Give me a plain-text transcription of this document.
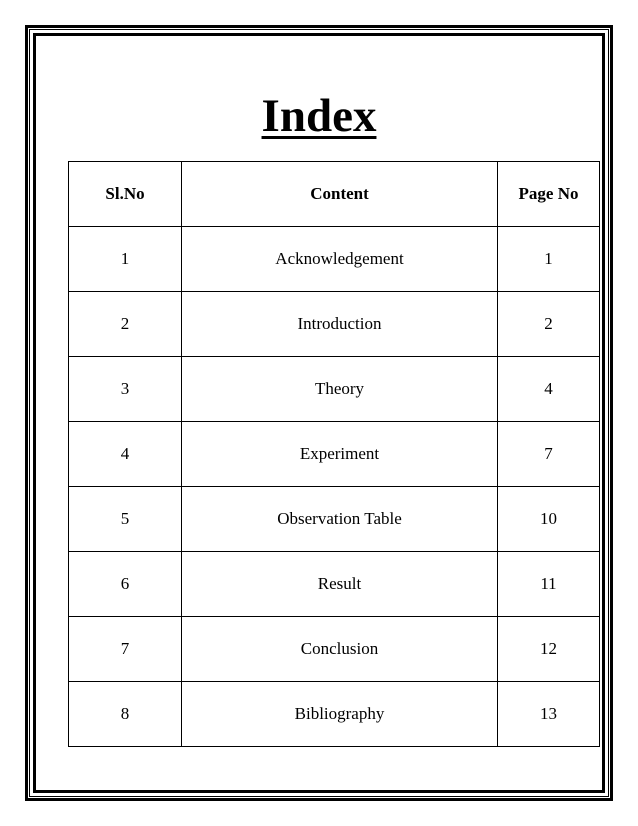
Index
Sl.No	Content	Page No
1	Acknowledgement	1
2	Introduction	2
3	Theory	4
4	Experiment	7
5	Observation Table	10
6	Result	11
7	Conclusion	12
8	Bibliography	13
